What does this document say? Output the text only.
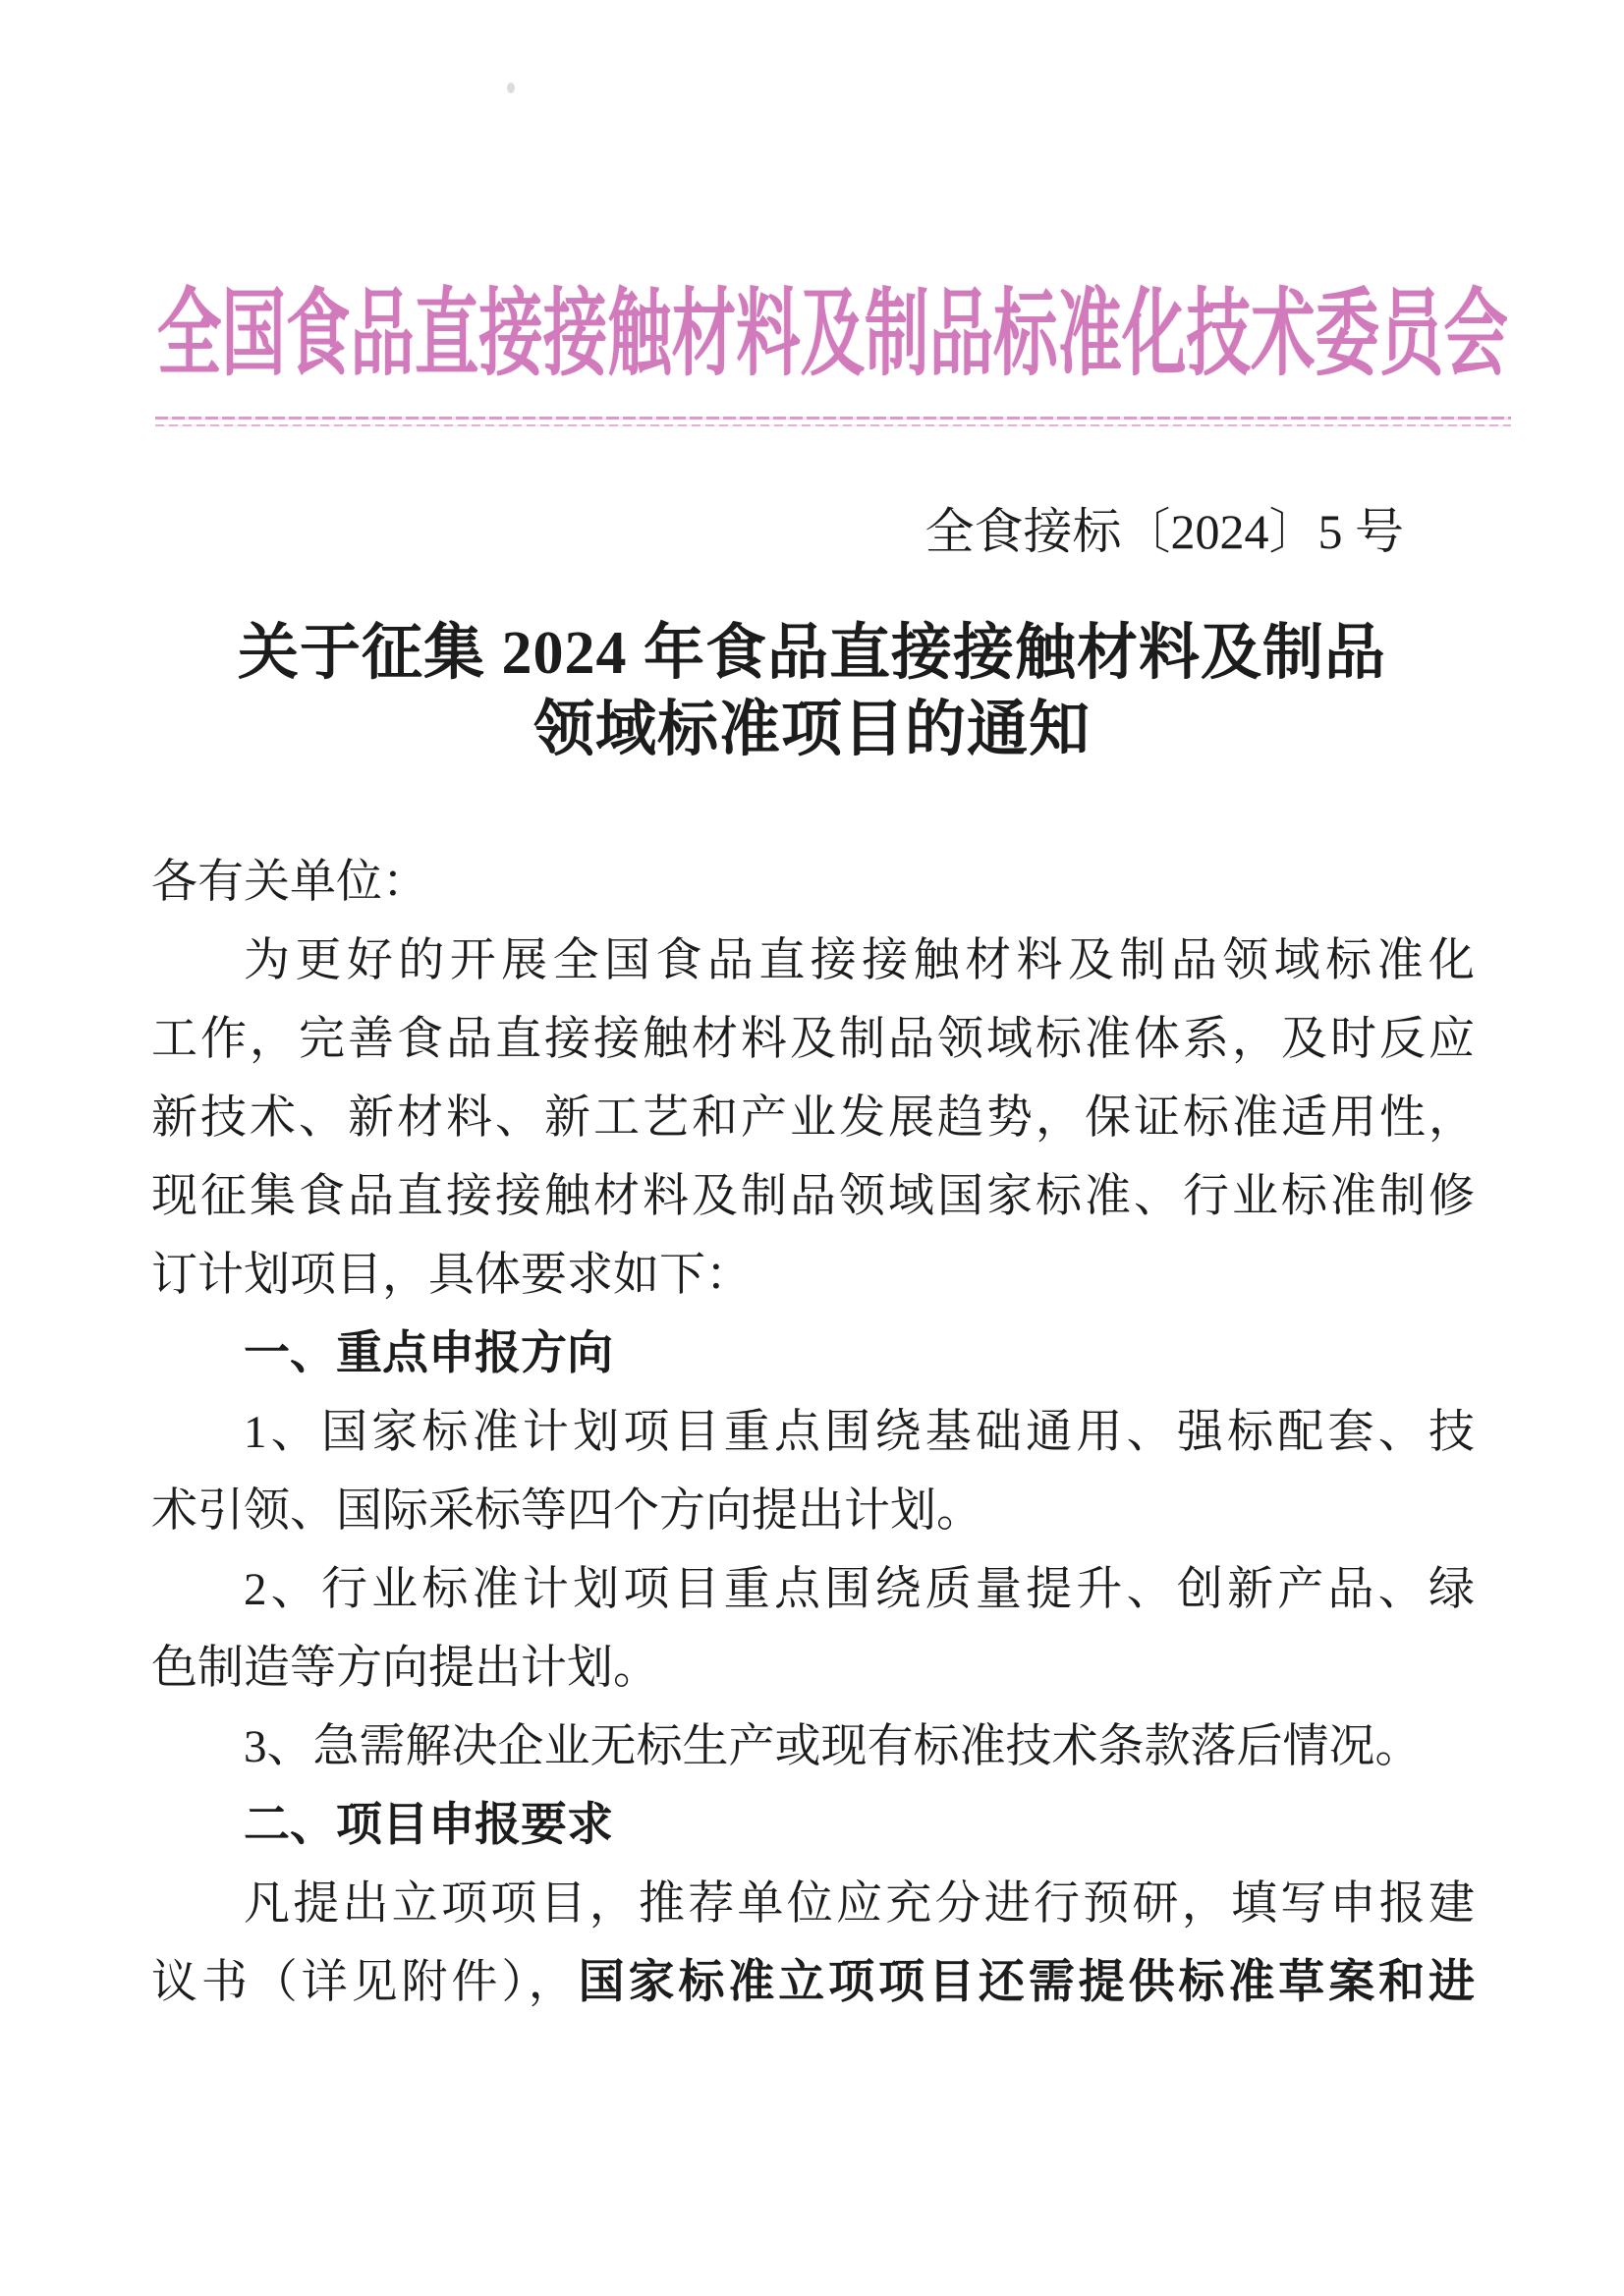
全国食品直接接触材料及制品标准化技术委员会
全食接标〔2024〕5 号
关于征集 2024 年食品直接接触材料及制品
领域标准项目的通知
各有关单位：
为更好的开展全国食品直接接触材料及制品领域标准化
工作，完善食品直接接触材料及制品领域标准体系，及时反应
新技术、新材料、新工艺和产业发展趋势，保证标准适用性，
现征集食品直接接触材料及制品领域国家标准、行业标准制修
订计划项目，具体要求如下：
一、重点申报方向
1、国家标准计划项目重点围绕基础通用、强标配套、技
术引领、国际采标等四个方向提出计划。
2、行业标准计划项目重点围绕质量提升、创新产品、绿
色制造等方向提出计划。
3、急需解决企业无标生产或现有标准技术条款落后情况。
二、项目申报要求
凡提出立项项目，推荐单位应充分进行预研，填写申报建
议书（详见附件），国家标准立项项目还需提供标准草案和进
